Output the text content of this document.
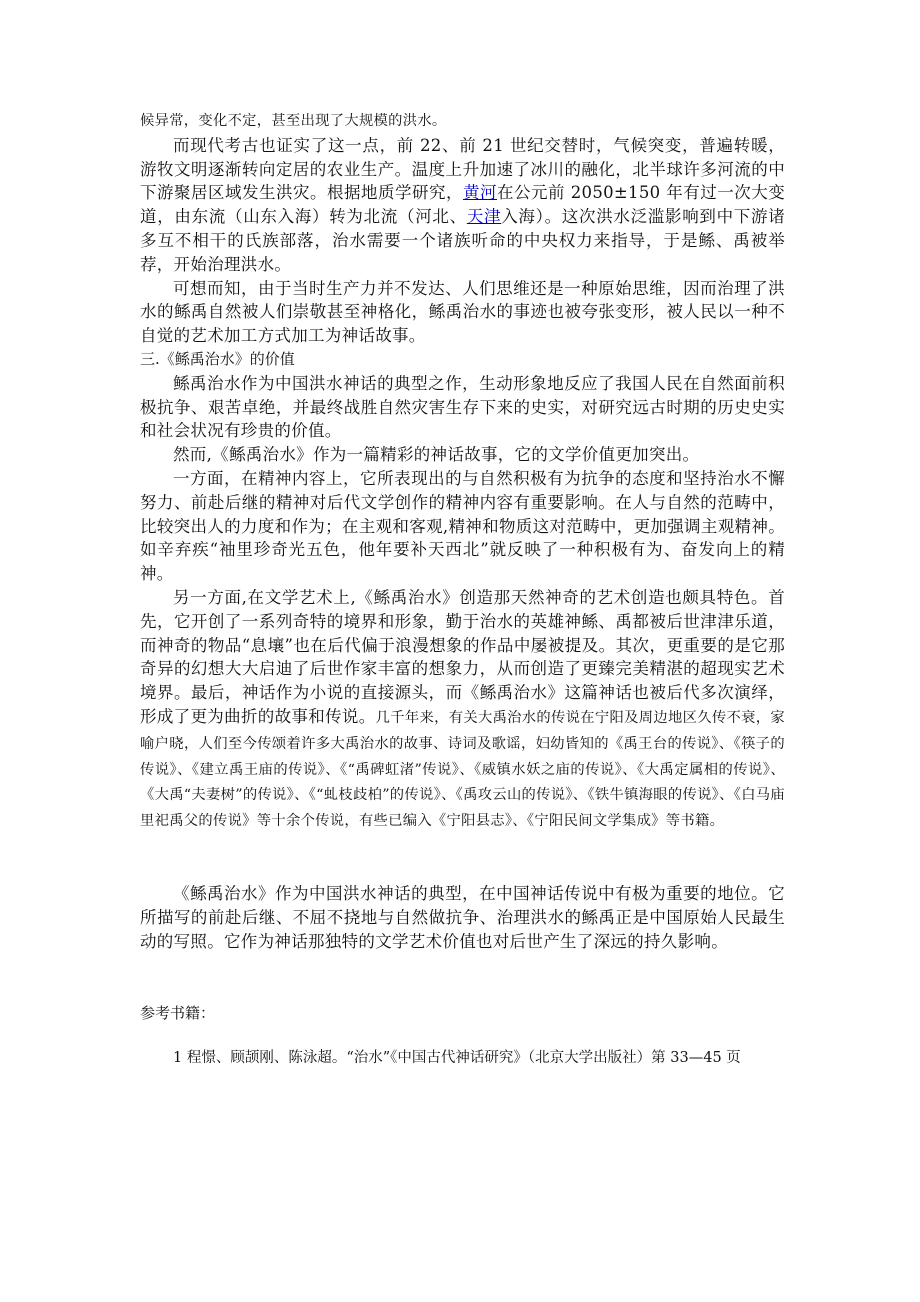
候异常，变化不定，甚至出现了大规模的洪水。

而现代考古也证实了这一点，前 22、前 21 世纪交替时，气候突变，普遍转暖，游牧文明逐渐转向定居的农业生产。温度上升加速了冰川的融化，北半球许多河流的中下游聚居区域发生洪灾。根据地质学研究，黄河在公元前 2050±150 年有过一次大变道，由东流（山东入海）转为北流（河北、天津入海）。这次洪水泛滥影响到中下游诸多互不相干的氏族部落，治水需要一个诸族听命的中央权力来指导，于是鲧、禹被举荐，开始治理洪水。

可想而知，由于当时生产力并不发达、人们思维还是一种原始思维，因而治理了洪水的鲧禹自然被人们崇敬甚至神格化，鲧禹治水的事迹也被夸张变形，被人民以一种不自觉的艺术加工方式加工为神话故事。

三.《鲧禹治水》的价值

鲧禹治水作为中国洪水神话的典型之作，生动形象地反应了我国人民在自然面前积极抗争、艰苦卓绝，并最终战胜自然灾害生存下来的史实，对研究远古时期的历史史实和社会状况有珍贵的价值。

然而,《鲧禹治水》作为一篇精彩的神话故事，它的文学价值更加突出。

一方面，在精神内容上，它所表现出的与自然积极有为抗争的态度和坚持治水不懈努力、前赴后继的精神对后代文学创作的精神内容有重要影响。在人与自然的范畴中，比较突出人的力度和作为；在主观和客观,精神和物质这对范畴中，更加强调主观精神。如辛弃疾“袖里珍奇光五色，他年要补天西北”就反映了一种积极有为、奋发向上的精神。

另一方面,在文学艺术上,《鲧禹治水》创造那天然神奇的艺术创造也颇具特色。首先，它开创了一系列奇特的境界和形象，勤于治水的英雄神鲧、禹都被后世津津乐道，而神奇的物品“息壤”也在后代偏于浪漫想象的作品中屡被提及。其次，更重要的是它那奇异的幻想大大启迪了后世作家丰富的想象力，从而创造了更臻完美精湛的超现实艺术境界。最后，神话作为小说的直接源头，而《鲧禹治水》这篇神话也被后代多次演绎，形成了更为曲折的故事和传说。几千年来，有关大禹治水的传说在宁阳及周边地区久传不衰，家喻户晓，人们至今传颂着许多大禹治水的故事、诗词及歌谣，妇幼皆知的《禹王台的传说》、《筷子的传说》、《建立禹王庙的传说》、《“禹碑虹渚”传说》、《威镇水妖之庙的传说》、《大禹定属相的传说》、《大禹“夫妻树”的传说》、《“虬枝歧柏”的传说》、《禹攻云山的传说》、《铁牛镇海眼的传说》、《白马庙里祀禹父的传说》等十余个传说，有些已编入《宁阳县志》、《宁阳民间文学集成》等书籍。

《鲧禹治水》作为中国洪水神话的典型，在中国神话传说中有极为重要的地位。它所描写的前赴后继、不屈不挠地与自然做抗争、治理洪水的鲧禹正是中国原始人民最生动的写照。它作为神话那独特的文学艺术价值也对后世产生了深远的持久影响。

参考书籍：

1 程憬、顾颉刚、陈泳超。“治水”《中国古代神话研究》（北京大学出版社）第 33—45 页
